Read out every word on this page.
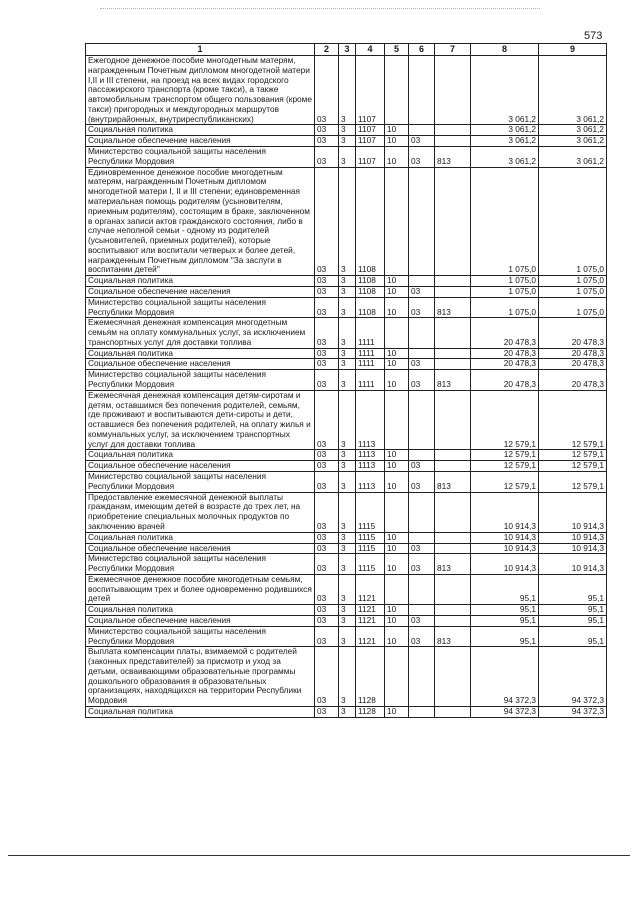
573
1	2	3	4	5	6	7	8	9
Ежегодное денежное пособие многодетным матерям, награжденным Почетным дипломом многодетной матери I,II и III степени, на проезд на всех видах городского пассажирского транспорта (кроме такси), а также автомобильным транспортом общего пользования (кроме такси) пригородных и междугородных маршрутов (внутрирайонных, внутриреспубликанских)	03	3	1107				3 061,2	3 061,2
Социальная политика	03	3	1107	10			3 061,2	3 061,2
Социальное обеспечение населения	03	3	1107	10	03		3 061,2	3 061,2
Министерство социальной защиты населения Республики Мордовия	03	3	1107	10	03	813	3 061,2	3 061,2
Единовременное денежное пособие многодетным матерям, награжденным Почетным дипломом многодетной матери I, II и III степени; единовременная материальная помощь родителям (усыновителям, приемным родителям), состоящим в браке, заключенном в органах записи актов гражданского состояния, либо в случае неполной семьи - одному из родителей (усыновителей, приемных родителей), которые воспитывают или воспитали четверых и более детей, награжденным Почетным дипломом "За заслуги в воспитании детей"	03	3	1108				1 075,0	1 075,0
Социальная политика	03	3	1108	10			1 075,0	1 075,0
Социальное обеспечение населения	03	3	1108	10	03		1 075,0	1 075,0
Министерство социальной защиты населения Республики Мордовия	03	3	1108	10	03	813	1 075,0	1 075,0
Ежемесячная денежная компенсация многодетным семьям на оплату коммунальных услуг, за исключением транспортных услуг для доставки топлива	03	3	1111				20 478,3	20 478,3
Социальная политика	03	3	1111	10			20 478,3	20 478,3
Социальное обеспечение населения	03	3	1111	10	03		20 478,3	20 478,3
Министерство социальной защиты населения Республики Мордовия	03	3	1111	10	03	813	20 478,3	20 478,3
Ежемесячная денежная компенсация детям-сиротам и детям, оставшимся без попечения родителей, семьям, где проживают и воспитываются дети-сироты и дети, оставшиеся без попечения родителей, на оплату жилья и коммунальных услуг, за исключением транспортных услуг для доставки топлива	03	3	1113				12 579,1	12 579,1
Социальная политика	03	3	1113	10			12 579,1	12 579,1
Социальное обеспечение населения	03	3	1113	10	03		12 579,1	12 579,1
Министерство социальной защиты населения Республики Мордовия	03	3	1113	10	03	813	12 579,1	12 579,1
Предоставление ежемесячной денежной выплаты гражданам, имеющим детей в возрасте до трех лет, на приобретение специальных молочных продуктов по заключению врачей	03	3	1115				10 914,3	10 914,3
Социальная политика	03	3	1115	10			10 914,3	10 914,3
Социальное обеспечение населения	03	3	1115	10	03		10 914,3	10 914,3
Министерство социальной защиты населения Республики Мордовия	03	3	1115	10	03	813	10 914,3	10 914,3
Ежемесячное денежное пособие многодетным семьям, воспитывающим трех и более одновременно родившихся детей	03	3	1121				95,1	95,1
Социальная политика	03	3	1121	10			95,1	95,1
Социальное обеспечение населения	03	3	1121	10	03		95,1	95,1
Министерство социальной защиты населения Республики Мордовия	03	3	1121	10	03	813	95,1	95,1
Выплата компенсации платы, взимаемой с родителей (законных представителей) за присмотр и уход за детьми, осваивающими образовательные программы дошкольного образования в образовательных организациях, находящихся на территории Республики Мордовия	03	3	1128				94 372,3	94 372,3
Социальная политика	03	3	1128	10			94 372,3	94 372,3
